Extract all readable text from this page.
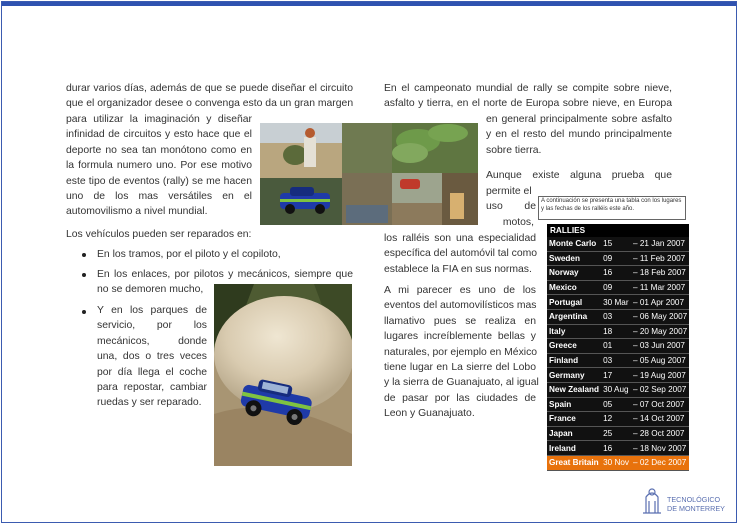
durar varios días, además de que se puede diseñar el circuito
que el organizador desee o convenga esto da un gran margen
para utilizar la imaginación y diseñar
infinidad de circuitos y esto hace que el
deporte no sea tan monótono como en
la formula numero uno. Por ese motivo
este tipo de eventos (rally) se me hacen
uno de los mas versátiles en el
automovilismo a nivel mundial.
Los vehículos pueden ser reparados en:
En los tramos, por el piloto y el copiloto,
En los enlaces, por pilotos y mecánicos, siempre que
no se demoren mucho,
Y en los parques de
servicio, por los
mecánicos, donde
una, dos o tres veces
por día llega el coche
para repostar, cambiar
ruedas y ser reparado.
En el campeonato mundial de rally se compite sobre nieve,
asfalto y tierra, en el norte de Europa sobre nieve, en Europa
en general principalmente sobre asfalto
y en el resto del mundo principalmente
sobre tierra.
Aunque existe alguna prueba que
permite el
uso de
motos,
los ralléis son una especialidad
específica del automóvil tal como
establece la FIA en sus normas.
A mi parecer es uno de los
eventos del automovilísticos mas
llamativo pues se realiza en
lugares increíblemente bellas y
naturales, por ejemplo en México
tiene lugar en La sierre del Lobo
y la sierra de Guanajuato, al igual
de pasar por las ciudades de
Leon y Guanajuato.
A continuación se presenta una tabla con los lugares y las fechas de los ralléis este año.
RALLIES		
Monte Carlo	15	– 21 Jan 2007
Sweden	09	– 11 Feb 2007
Norway	16	– 18 Feb 2007
Mexico	09	– 11 Mar 2007
Portugal	30 Mar	– 01 Apr 2007
Argentina	03	– 06 May 2007
Italy	18	– 20 May 2007
Greece	01	– 03 Jun 2007
Finland	03	– 05 Aug 2007
Germany	17	– 19 Aug 2007
New Zealand	30 Aug	– 02 Sep 2007
Spain	05	– 07 Oct 2007
France	12	– 14 Oct 2007
Japan	25	– 28 Oct 2007
Ireland	16	– 18 Nov 2007
Great Britain	30 Nov	– 02 Dec 2007
TECNOLÓGICO
DE MONTERREY
